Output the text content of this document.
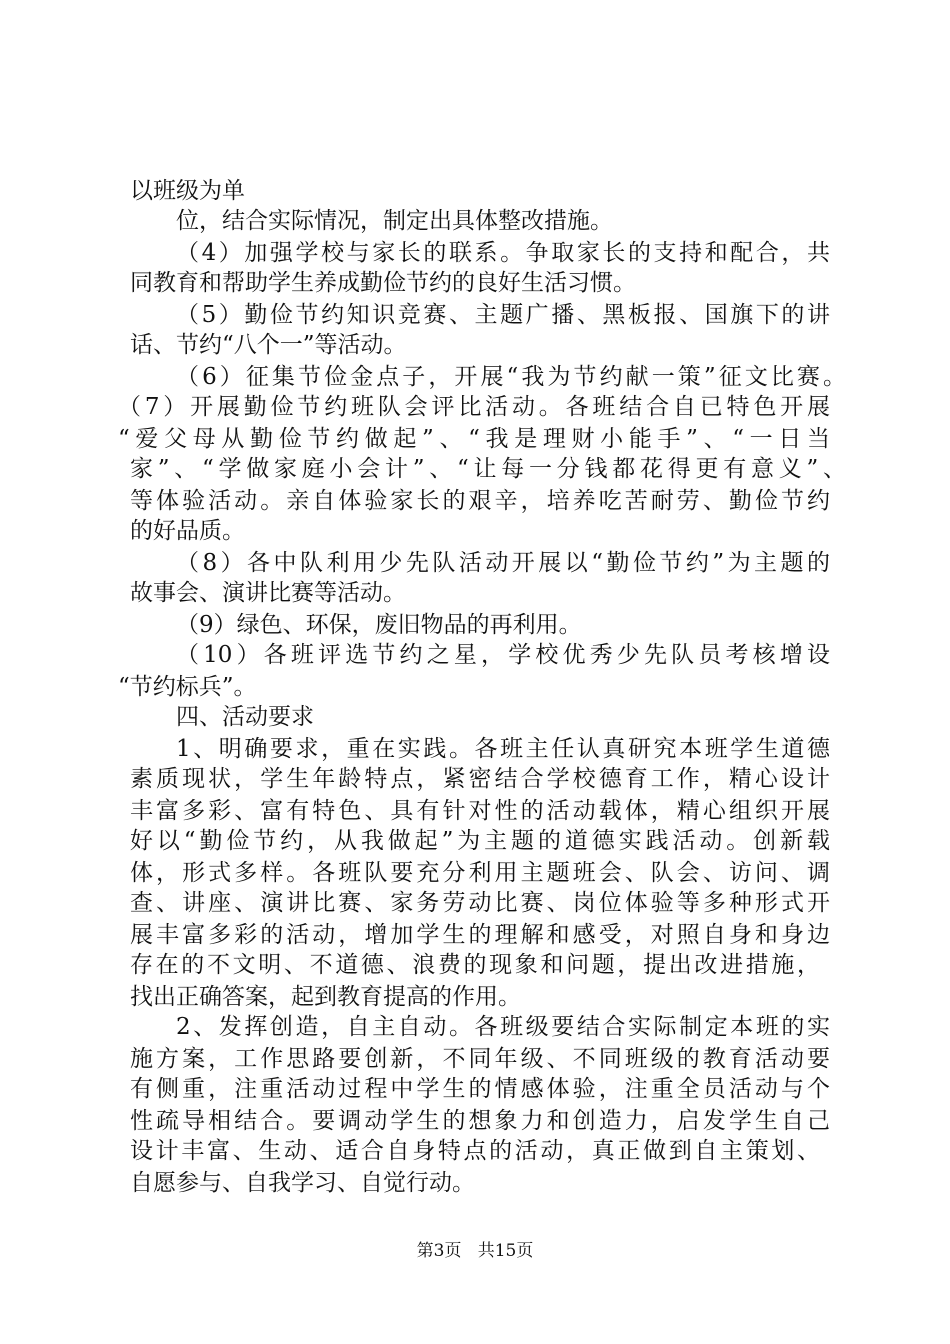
以班级为单
位，结合实际情况，制定出具体整改措施。
（4）加强学校与家长的联系。争取家长的支持和配合，共
同教育和帮助学生养成勤俭节约的良好生活习惯。
（5）勤俭节约知识竞赛、主题广播、黑板报、国旗下的讲
话、节约“八个一”等活动。
（6）征集节俭金点子，开展“我为节约献一策”征文比赛。
（7）开展勤俭节约班队会评比活动。各班结合自已特色开展
“爱父母从勤俭节约做起”、“我是理财小能手”、“一日当
家”、“学做家庭小会计”、“让每一分钱都花得更有意义”、
等体验活动。亲自体验家长的艰辛，培养吃苦耐劳、勤俭节约
的好品质。
（8）各中队利用少先队活动开展以“勤俭节约”为主题的
故事会、演讲比赛等活动。
（9）绿色、环保，废旧物品的再利用。
（10）各班评选节约之星，学校优秀少先队员考核增设
“节约标兵”。
四、活动要求
1、明确要求，重在实践。各班主任认真研究本班学生道德
素质现状，学生年龄特点，紧密结合学校德育工作，精心设计
丰富多彩、富有特色、具有针对性的活动载体，精心组织开展
好以“勤俭节约，从我做起”为主题的道德实践活动。创新载
体，形式多样。各班队要充分利用主题班会、队会、访问、调
查、讲座、演讲比赛、家务劳动比赛、岗位体验等多种形式开
展丰富多彩的活动，增加学生的理解和感受，对照自身和身边
存在的不文明、不道德、浪费的现象和问题，提出改进措施，
找出正确答案，起到教育提高的作用。
2、发挥创造，自主自动。各班级要结合实际制定本班的实
施方案，工作思路要创新，不同年级、不同班级的教育活动要
有侧重，注重活动过程中学生的情感体验，注重全员活动与个
性疏导相结合。要调动学生的想象力和创造力，启发学生自己
设计丰富、生动、适合自身特点的活动，真正做到自主策划、
自愿参与、自我学习、自觉行动。
第3页 共15页
